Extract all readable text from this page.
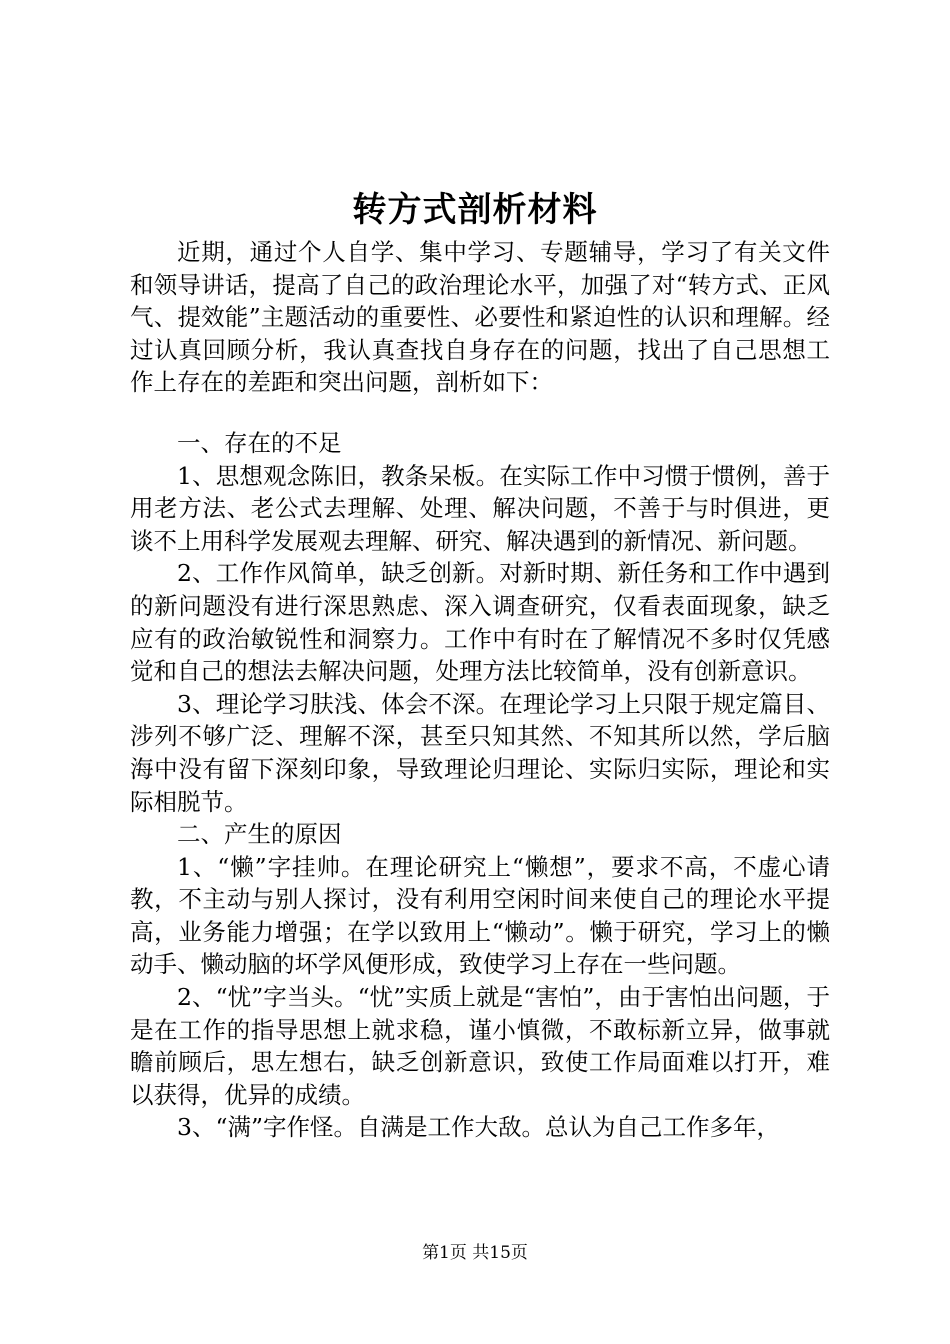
转方式剖析材料

近期，通过个人自学、集中学习、专题辅导，学习了有关文件和领导讲话，提高了自己的政治理论水平，加强了对“转方式、正风气、提效能”主题活动的重要性、必要性和紧迫性的认识和理解。经过认真回顾分析，我认真查找自身存在的问题，找出了自己思想工作上存在的差距和突出问题，剖析如下：

一、存在的不足

1、思想观念陈旧，教条呆板。在实际工作中习惯于惯例，善于用老方法、老公式去理解、处理、解决问题，不善于与时俱进，更谈不上用科学发展观去理解、研究、解决遇到的新情况、新问题。

2、工作作风简单，缺乏创新。对新时期、新任务和工作中遇到的新问题没有进行深思熟虑、深入调查研究，仅看表面现象，缺乏应有的政治敏锐性和洞察力。工作中有时在了解情况不多时仅凭感觉和自己的想法去解决问题，处理方法比较简单，没有创新意识。

3、理论学习肤浅、体会不深。在理论学习上只限于规定篇目、涉列不够广泛、理解不深，甚至只知其然、不知其所以然，学后脑海中没有留下深刻印象，导致理论归理论、实际归实际，理论和实际相脱节。

二、产生的原因

1、“懒”字挂帅。在理论研究上“懒想”，要求不高，不虚心请教，不主动与别人探讨，没有利用空闲时间来使自己的理论水平提高，业务能力增强；在学以致用上“懒动”。懒于研究，学习上的懒动手、懒动脑的坏学风便形成，致使学习上存在一些问题。

2、“忧”字当头。“忧”实质上就是“害怕”，由于害怕出问题，于是在工作的指导思想上就求稳，谨小慎微，不敢标新立异，做事就瞻前顾后，思左想右，缺乏创新意识，致使工作局面难以打开，难以获得，优异的成绩。

3、“满”字作怪。自满是工作大敌。总认为自己工作多年，

第1页 共15页
